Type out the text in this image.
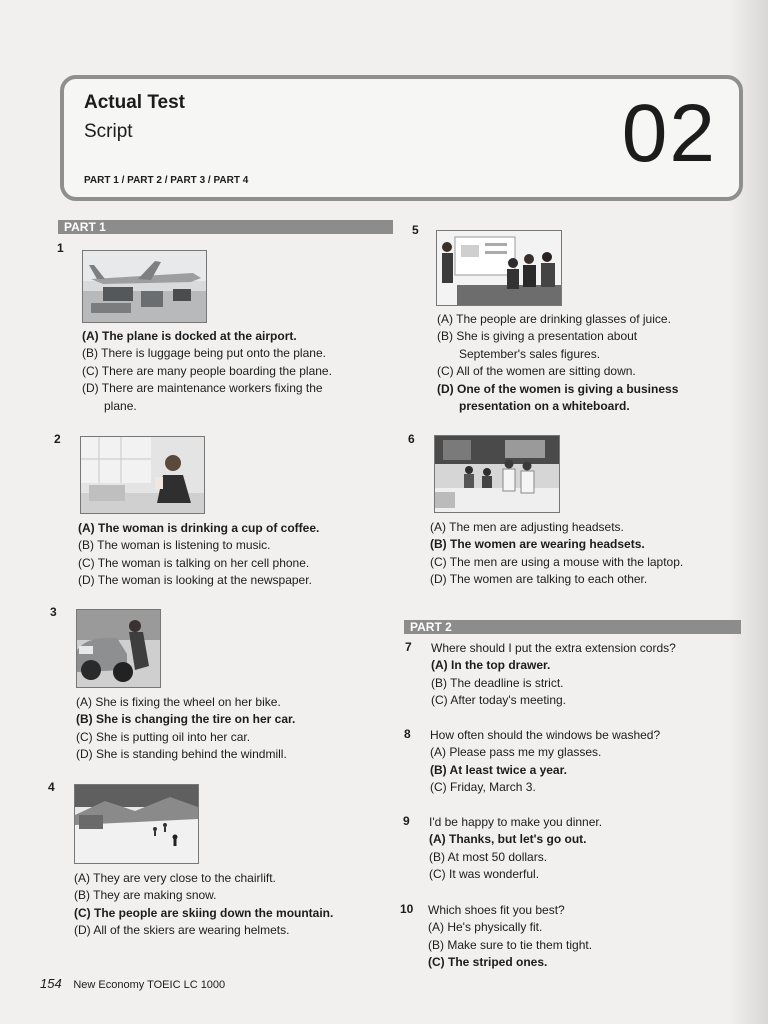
Actual Test
Script
PART 1 / PART 2 / PART 3 / PART 4
02
PART 1
1
(A) The plane is docked at the airport.
(B) There is luggage being put onto the plane.
(C) There are many people boarding the plane.
(D) There are maintenance workers fixing the
plane.
2
(A) The woman is drinking a cup of coffee.
(B) The woman is listening to music.
(C) The woman is talking on her cell phone.
(D) The woman is looking at the newspaper.
3
(A) She is fixing the wheel on her bike.
(B) She is changing the tire on her car.
(C) She is putting oil into her car.
(D) She is standing behind the windmill.
4
(A) They are very close to the chairlift.
(B) They are making snow.
(C) The people are skiing down the mountain.
(D) All of the skiers are wearing helmets.
5
(A) The people are drinking glasses of juice.
(B) She is giving a presentation about
September's sales figures.
(C) All of the women are sitting down.
(D) One of the women is giving a business
presentation on a whiteboard.
6
(A) The men are adjusting headsets.
(B) The women are wearing headsets.
(C) The men are using a mouse with the laptop.
(D) The women are talking to each other.
PART 2
7 Where should I put the extra extension cords?
(A) In the top drawer.
(B) The deadline is strict.
(C) After today's meeting.
8 How often should the windows be washed?
(A) Please pass me my glasses.
(B) At least twice a year.
(C) Friday, March 3.
9 I'd be happy to make you dinner.
(A) Thanks, but let's go out.
(B) At most 50 dollars.
(C) It was wonderful.
10 Which shoes fit you best?
(A) He's physically fit.
(B) Make sure to tie them tight.
(C) The striped ones.
154 New Economy TOEIC LC 1000
